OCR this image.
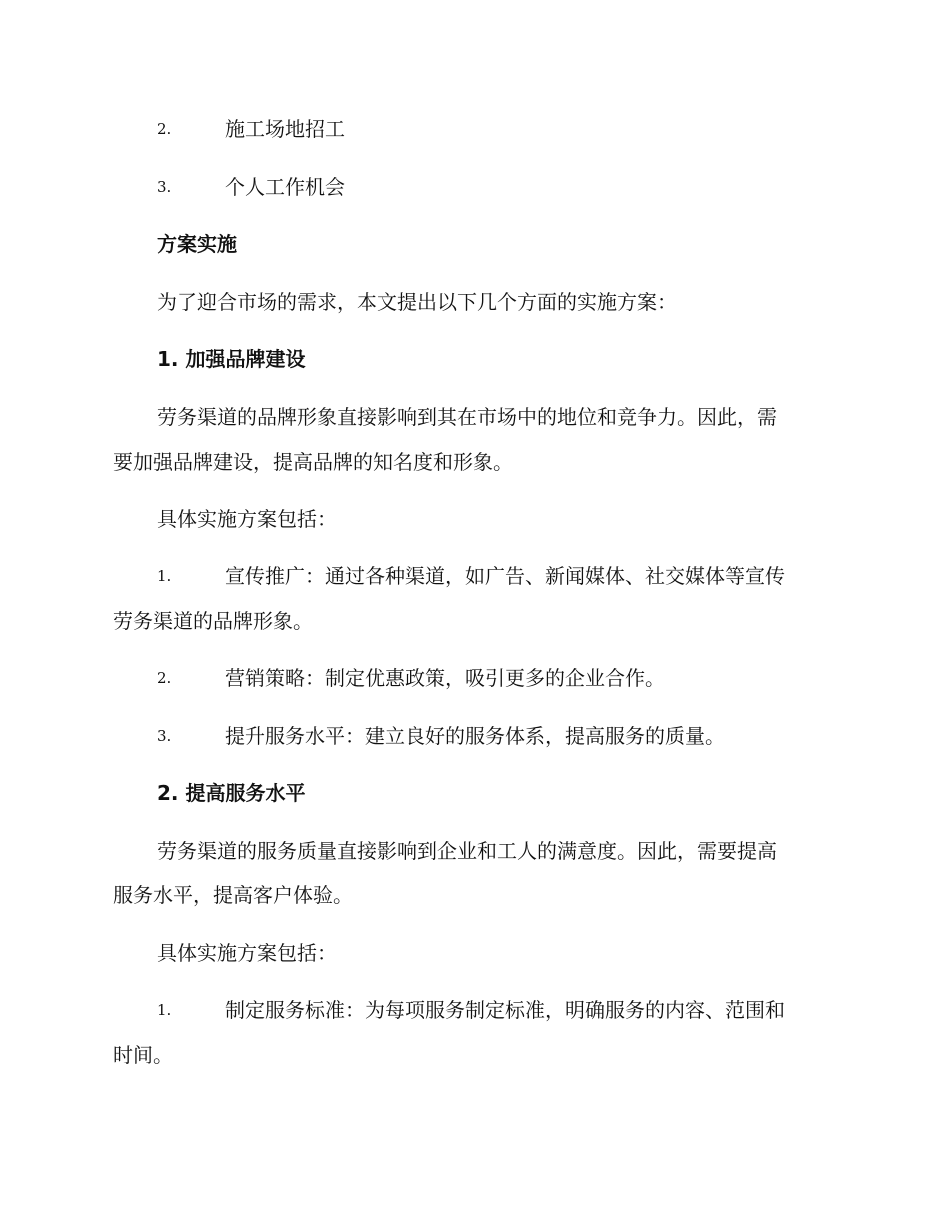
2.	施工场地招工
3.	个人工作机会
方案实施
为了迎合市场的需求，本文提出以下几个方面的实施方案：
1. 加强品牌建设
劳务渠道的品牌形象直接影响到其在市场中的地位和竞争力。因此，需
要加强品牌建设，提高品牌的知名度和形象。
具体实施方案包括：
1.	宣传推广：通过各种渠道，如广告、新闻媒体、社交媒体等宣传
劳务渠道的品牌形象。
2.	营销策略：制定优惠政策，吸引更多的企业合作。
3.	提升服务水平：建立良好的服务体系，提高服务的质量。
2. 提高服务水平
劳务渠道的服务质量直接影响到企业和工人的满意度。因此，需要提高
服务水平，提高客户体验。
具体实施方案包括：
1.	制定服务标准：为每项服务制定标准，明确服务的内容、范围和
时间。
